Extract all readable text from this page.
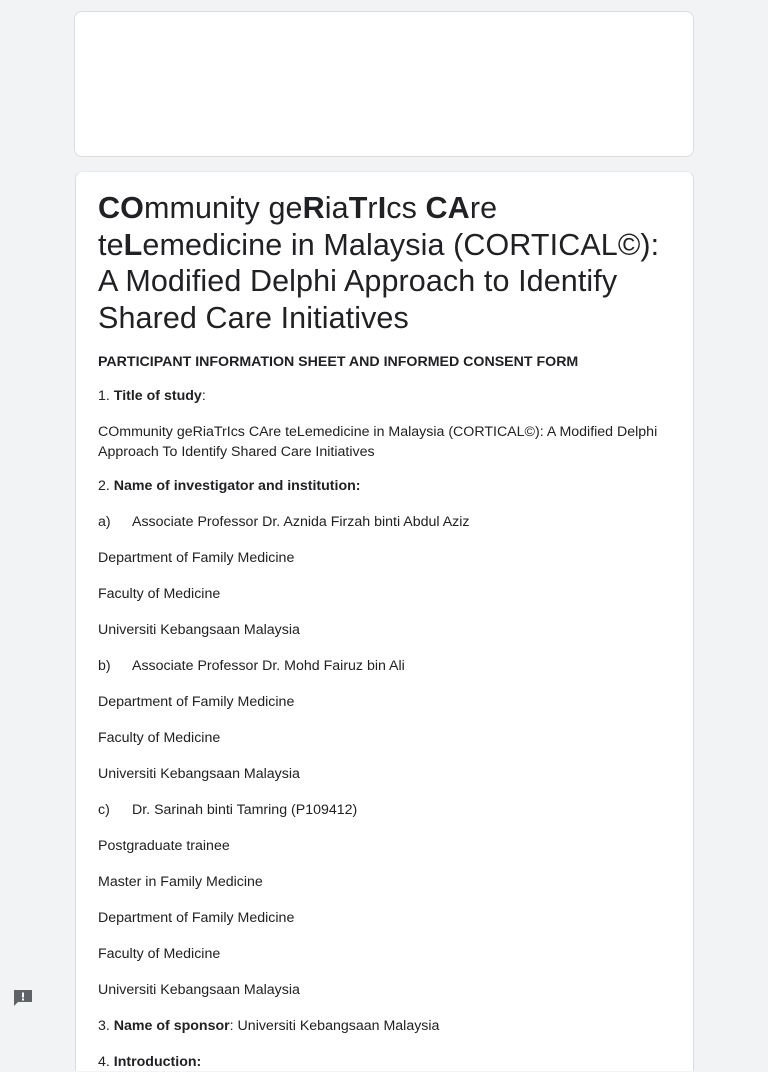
COmmunity geRiaTrIcs CAre teLemedicine in Malaysia (CORTICAL©): A Modified Delphi Approach to Identify Shared Care Initiatives

PARTICIPANT INFORMATION SHEET AND INFORMED CONSENT FORM

1. Title of study:

COmmunity geRiaTrIcs CAre teLemedicine in Malaysia (CORTICAL©): A Modified Delphi Approach To Identify Shared Care Initiatives

2. Name of investigator and institution:

a) Associate Professor Dr. Aznida Firzah binti Abdul Aziz

Department of Family Medicine

Faculty of Medicine

Universiti Kebangsaan Malaysia

b) Associate Professor Dr. Mohd Fairuz bin Ali

Department of Family Medicine

Faculty of Medicine

Universiti Kebangsaan Malaysia

c) Dr. Sarinah binti Tamring (P109412)

Postgraduate trainee

Master in Family Medicine

Department of Family Medicine

Faculty of Medicine

Universiti Kebangsaan Malaysia

3. Name of sponsor: Universiti Kebangsaan Malaysia

4. Introduction:
